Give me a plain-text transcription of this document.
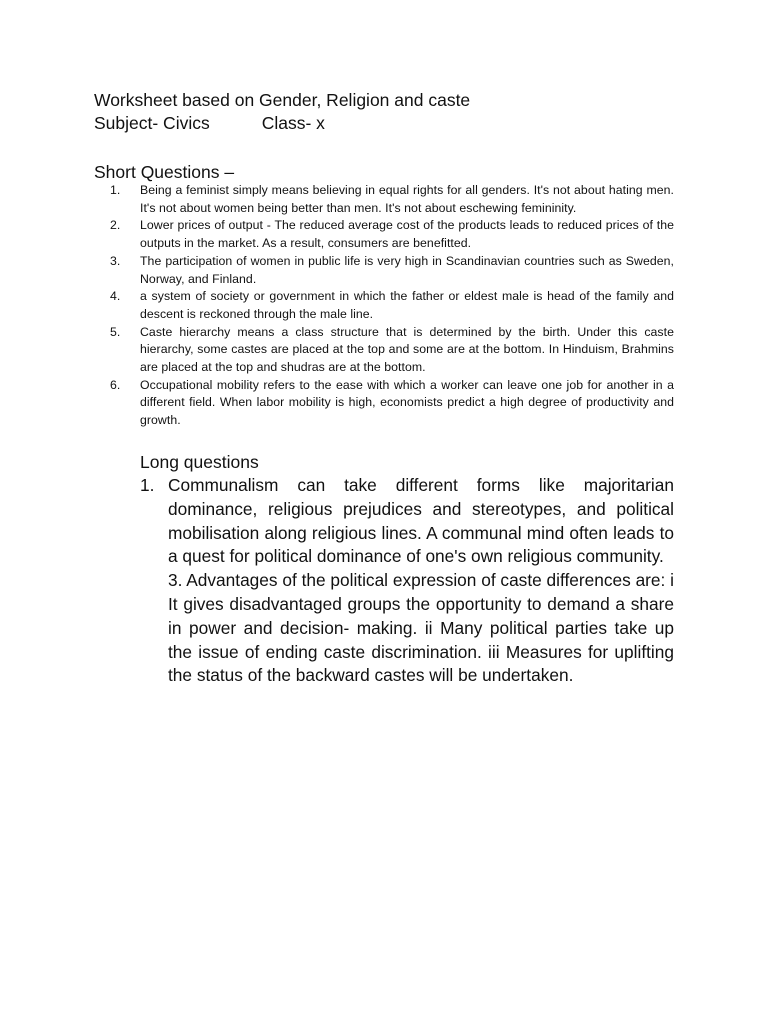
Worksheet based on Gender, Religion and caste
Subject- Civics	Class- x
Short Questions –
1.	Being a feminist simply means believing in equal rights for all genders. It's not about hating men. It's not about women being better than men. It's not about eschewing femininity.
2.	Lower prices of output - The reduced average cost of the products leads to reduced prices of the outputs in the market. As a result, consumers are benefitted.
3.	The participation of women in public life is very high in Scandinavian countries such as Sweden, Norway, and Finland.
4.	a system of society or government in which the father or eldest male is head of the family and descent is reckoned through the male line.
5.	Caste hierarchy means a class structure that is determined by the birth. Under this caste hierarchy, some castes are placed at the top and some are at the bottom. In Hinduism, Brahmins are placed at the top and shudras are at the bottom.
6.	Occupational mobility refers to the ease with which a worker can leave one job for another in a different field. When labor mobility is high, economists predict a high degree of productivity and growth.
Long questions
1. Communalism can take different forms like majoritarian dominance, religious prejudices and stereotypes, and political mobilisation along religious lines. A communal mind often leads to a quest for political dominance of one's own religious community.

3. Advantages of the political expression of caste differences are: i It gives disadvantaged groups the opportunity to demand a share in power and decision- making. ii Many political parties take up the issue of ending caste discrimination. iii Measures for uplifting the status of the backward castes will be undertaken.
